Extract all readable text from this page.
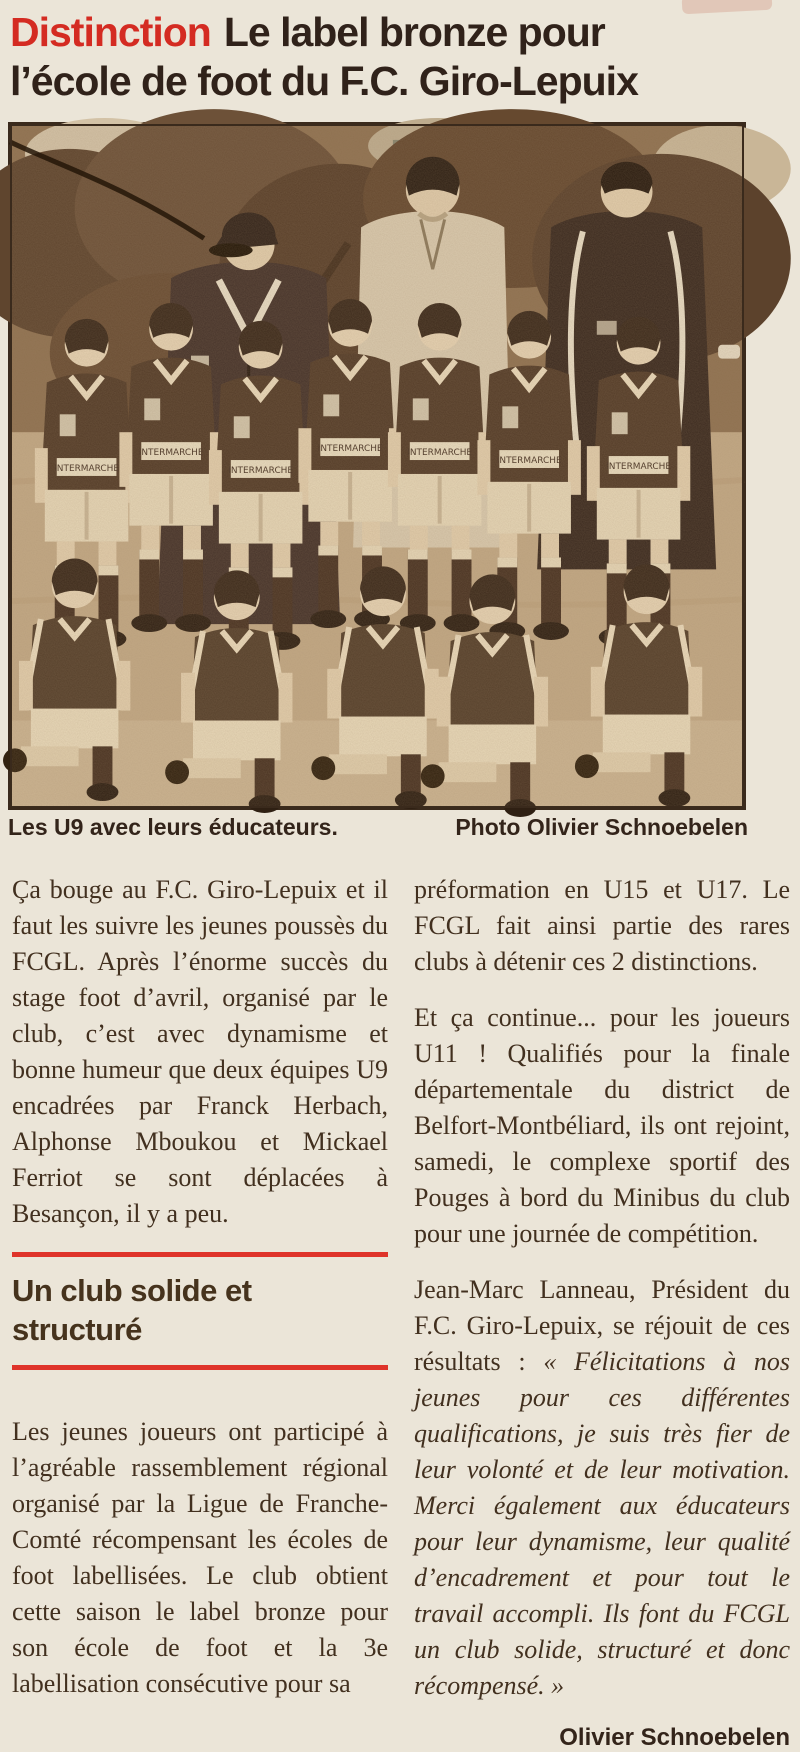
Distinction Le label bronze pour
l’école de foot du F.C. Giro-Lepuix
Les U9 avec leurs éducateurs.	Photo Olivier Schnoebelen

Ça bouge au F.C. Giro-Lepuix et il faut les suivre les jeunes poussès du FCGL. Après l’énorme succès du stage foot d’avril, organisé par le club, c’est avec dynamisme et bonne humeur que deux équipes U9 encadrées par Franck Herbach, Alphonse Mboukou et Mickael Ferriot se sont déplacées à Besançon, il y a peu.

Un club solide et structuré

Les jeunes joueurs ont participé à l’agréable rassemblement régional organisé par la Ligue de Franche-Comté récompensant les écoles de foot labellisées. Le club obtient cette saison le label bronze pour son école de foot et la 3e labellisation consécutive pour sa

préformation en U15 et U17. Le FCGL fait ainsi partie des rares clubs à détenir ces 2 distinctions.

Et ça continue... pour les joueurs U11 ! Qualifiés pour la finale départementale du district de Belfort-Montbéliard, ils ont rejoint, samedi, le complexe sportif des Pouges à bord du Minibus du club pour une journée de compétition.

Jean-Marc Lanneau, Président du F.C. Giro-Lepuix, se réjouit de ces résultats : « Félicitations à nos jeunes pour ces différentes qualifications, je suis très fier de leur volonté et de leur motivation. Merci également aux éducateurs pour leur dynamisme, leur qualité d’encadrement et pour tout le travail accompli. Ils font du FCGL un club solide, structuré et donc récompensé. »

Olivier Schnoebelen
